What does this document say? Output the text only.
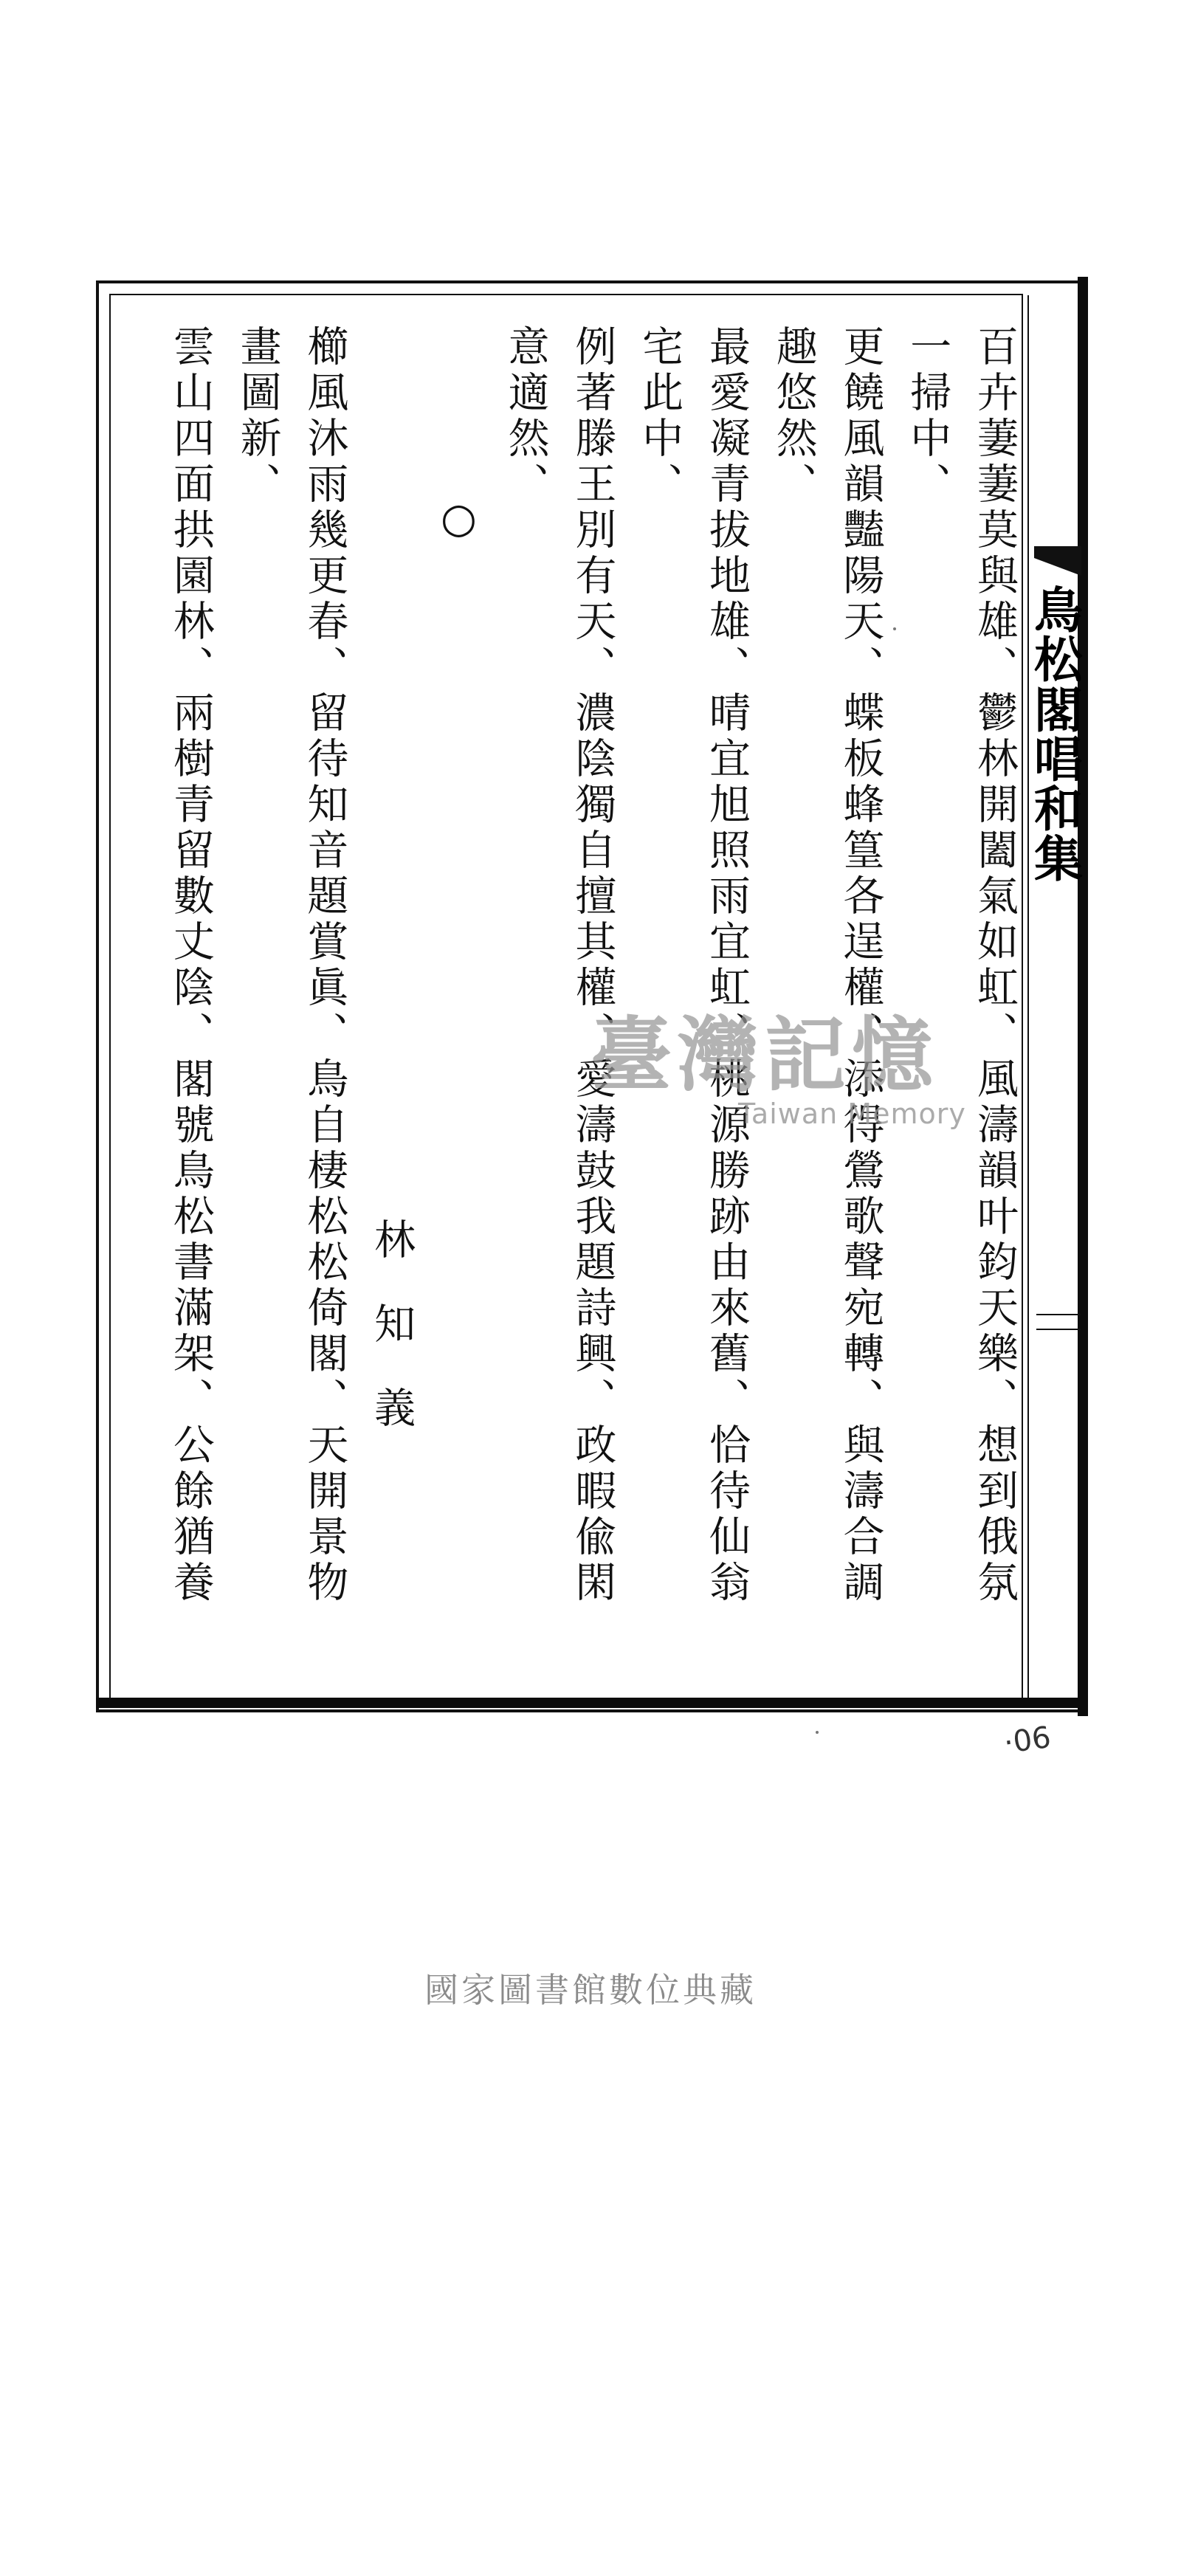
鳥
松
閣
唱
和
集
百卉萋萋莫與雄、鬱林開闔氣如虹、風濤韻叶鈞天樂、想到俄氛
一掃中、
更饒風韻豔陽天、蝶板蜂篁各逞權、添得鶯歌聲宛轉、與濤合調
趣悠然、
最愛凝青拔地雄、晴宜旭照雨宜虹、桃源勝跡由來舊、恰待仙翁
宅此中、
例著滕王別有天、濃陰獨自擅其權、愛濤鼓我題詩興、政暇偸閑
意適然、
○
林知義
櫛風沐雨幾更春、留待知音題賞眞、鳥自棲松松倚閣、天開景物
畫圖新、
雲山四面拱園林、兩樹青留數丈陰、閣號鳥松書滿架、公餘猶養	臺灣記憶
Taiwan Memory
·06
國家圖書館數位典藏
